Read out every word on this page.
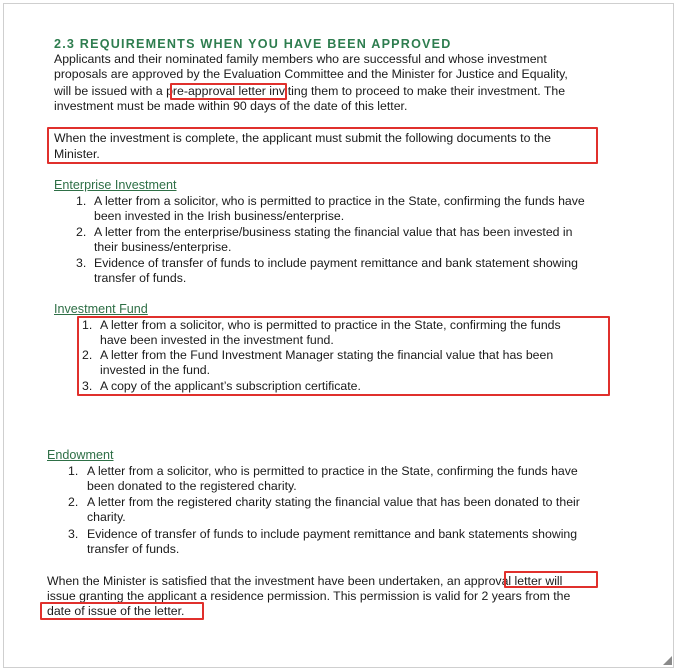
2.3 REQUIREMENTS WHEN YOU HAVE BEEN APPROVED
Applicants and their nominated family members who are successful and whose investment
proposals are approved by the Evaluation Committee and the Minister for Justice and Equality,
will be issued with a pre-approval letter inviting them to proceed to make their investment. The
investment must be made within 90 days of the date of this letter.
When the investment is complete, the applicant must submit the following documents to the
Minister.
Enterprise Investment
1. A letter from a solicitor, who is permitted to practice in the State, confirming the funds have
been invested in the Irish business/enterprise.
2. A letter from the enterprise/business stating the financial value that has been invested in
their business/enterprise.
3. Evidence of transfer of funds to include payment remittance and bank statement showing
transfer of funds.
Investment Fund
1. A letter from a solicitor, who is permitted to practice in the State, confirming the funds
have been invested in the investment fund.
2. A letter from the Fund Investment Manager stating the financial value that has been
invested in the fund.
3. A copy of the applicant’s subscription certificate.
Endowment
1. A letter from a solicitor, who is permitted to practice in the State, confirming the funds have
been donated to the registered charity.
2. A letter from the registered charity stating the financial value that has been donated to their
charity.
3. Evidence of transfer of funds to include payment remittance and bank statements showing
transfer of funds.
When the Minister is satisfied that the investment have been undertaken, an approval letter will
issue granting the applicant a residence permission. This permission is valid for 2 years from the
date of issue of the letter.
